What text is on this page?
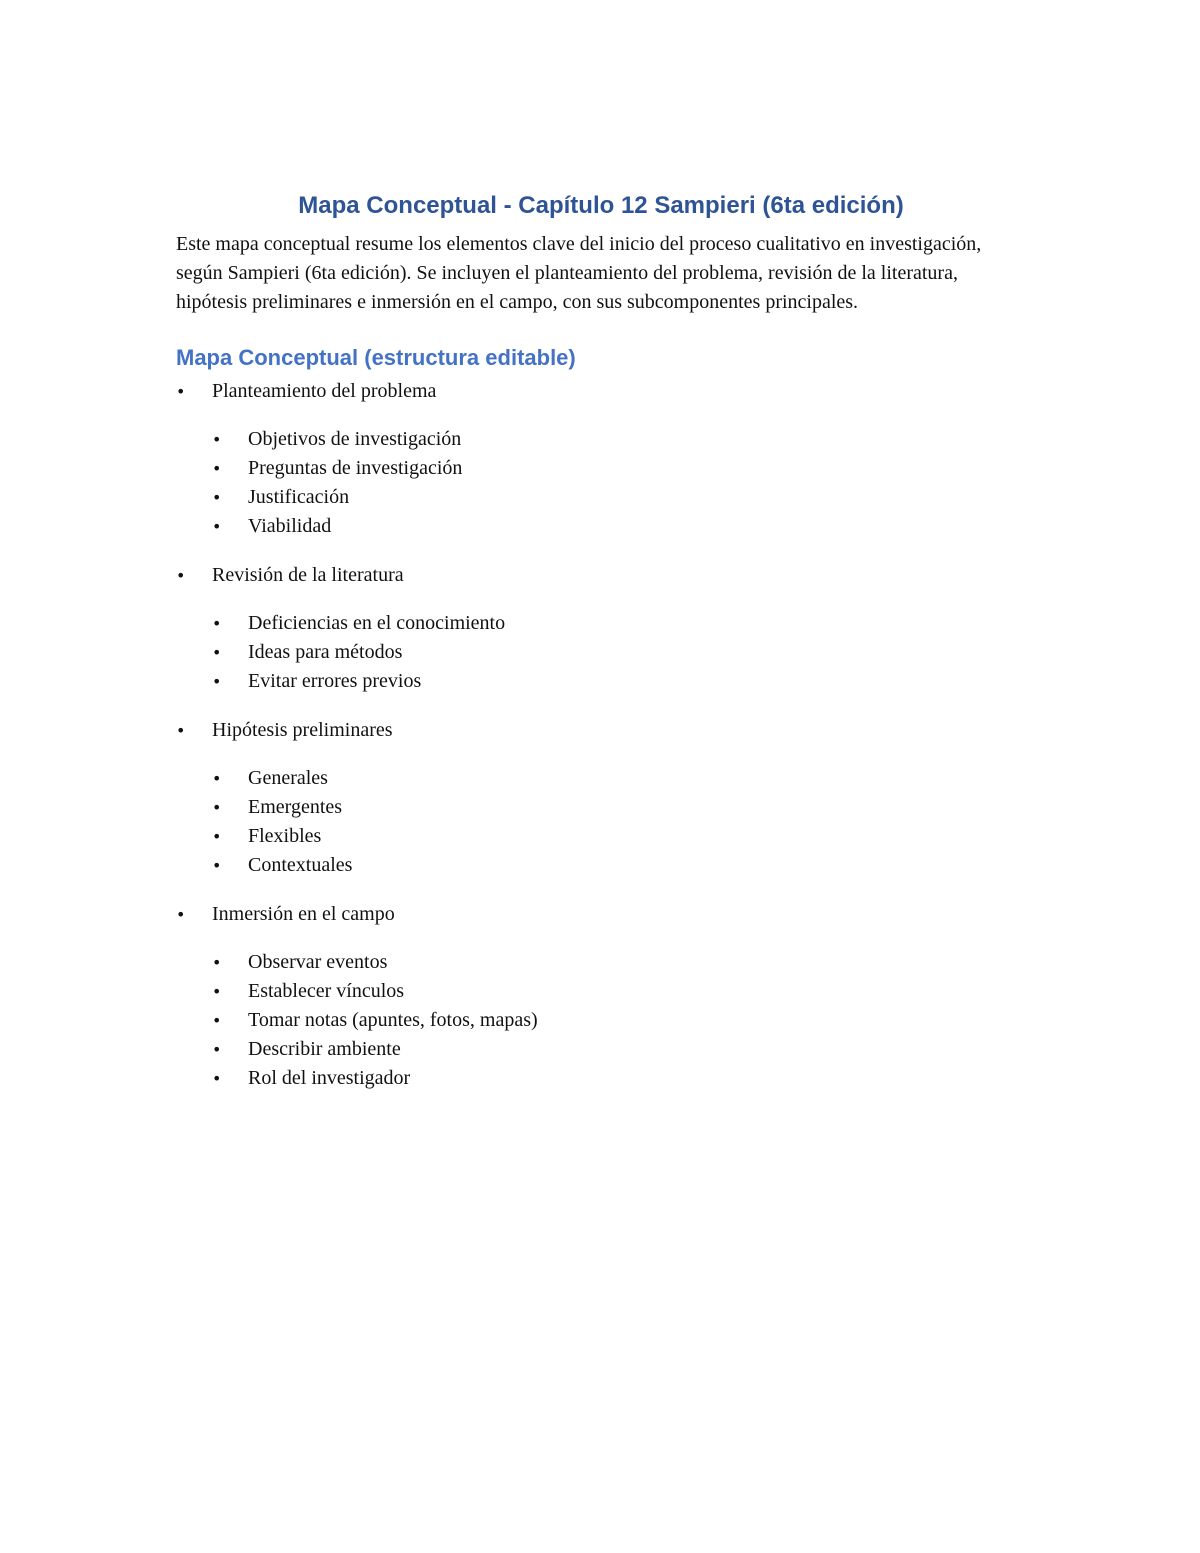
Mapa Conceptual - Capítulo 12 Sampieri (6ta edición)

Este mapa conceptual resume los elementos clave del inicio del proceso cualitativo en investigación, según Sampieri (6ta edición). Se incluyen el planteamiento del problema, revisión de la literatura, hipótesis preliminares e inmersión en el campo, con sus subcomponentes principales.

Mapa Conceptual (estructura editable)
•	Planteamiento del problema
•	Objetivos de investigación
•	Preguntas de investigación
•	Justificación
•	Viabilidad
•	Revisión de la literatura
•	Deficiencias en el conocimiento
•	Ideas para métodos
•	Evitar errores previos
•	Hipótesis preliminares
•	Generales
•	Emergentes
•	Flexibles
•	Contextuales
•	Inmersión en el campo
•	Observar eventos
•	Establecer vínculos
•	Tomar notas (apuntes, fotos, mapas)
•	Describir ambiente
•	Rol del investigador
